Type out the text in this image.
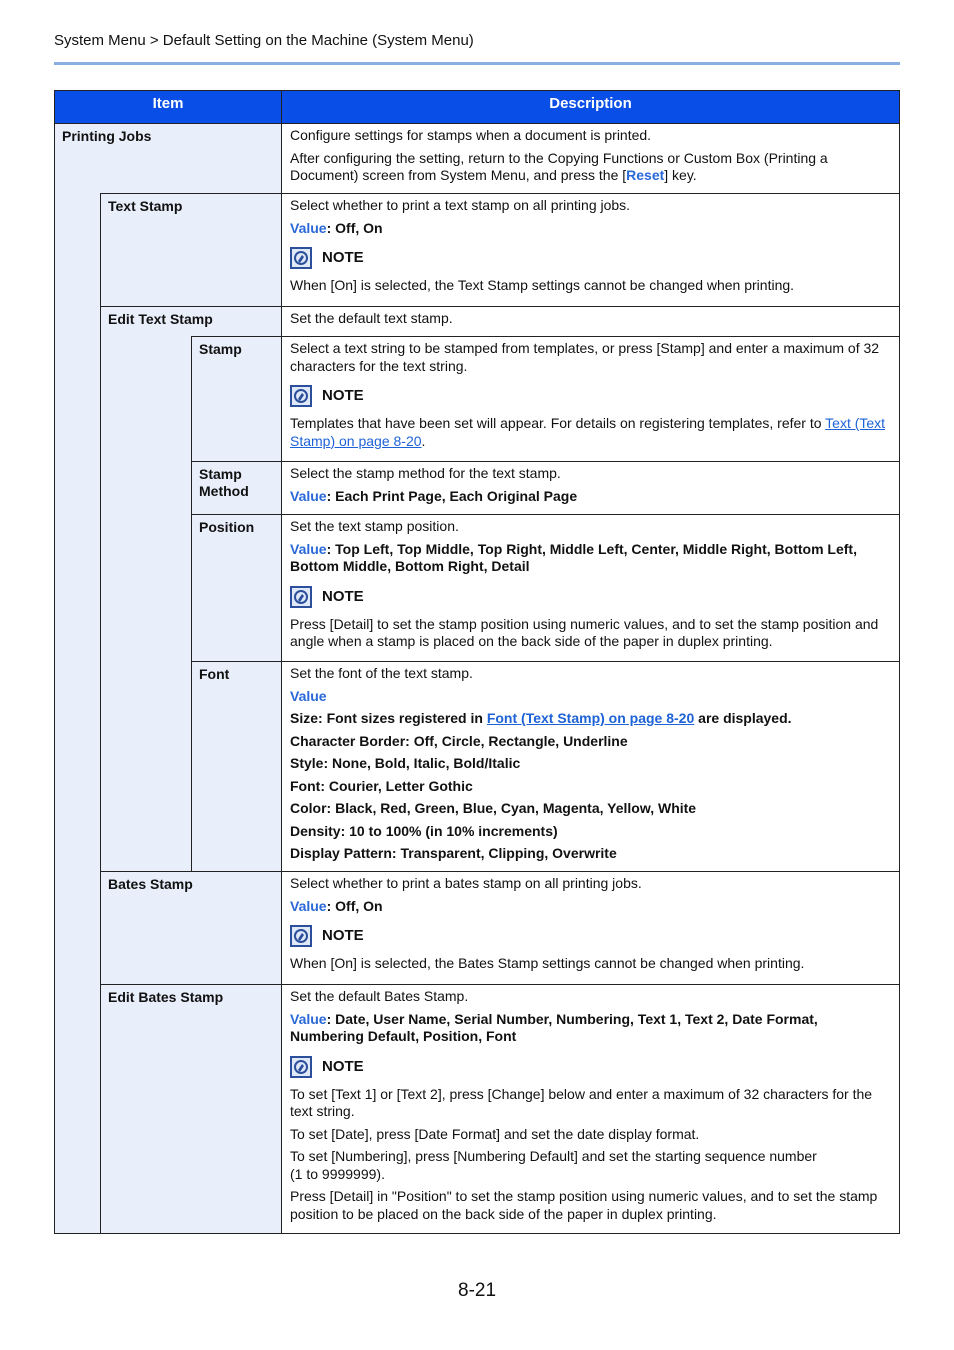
System Menu > Default Setting on the Machine (System Menu)
Item	Description
Printing Jobs
Text Stamp
Edit Text Stamp
Stamp
Stamp Method
Position
Font
Bates Stamp
Edit Bates Stamp

Configure settings for stamps when a document is printed.

After configuring the setting, return to the Copying Functions or Custom Box (Printing a Document) screen from System Menu, and press the [Reset] key.

Select whether to print a text stamp on all printing jobs.

Value: Off, On

NOTE

When [On] is selected, the Text Stamp settings cannot be changed when printing.

Set the default text stamp.

Select a text string to be stamped from templates, or press [Stamp] and enter a maximum of 32 characters for the text string.

NOTE

Templates that have been set will appear. For details on registering templates, refer to Text (Text Stamp) on page 8-20.

Select the stamp method for the text stamp.

Value: Each Print Page, Each Original Page

Set the text stamp position.

Value: Top Left, Top Middle, Top Right, Middle Left, Center, Middle Right, Bottom Left, Bottom Middle, Bottom Right, Detail

NOTE

Press [Detail] to set the stamp position using numeric values, and to set the stamp position and angle when a stamp is placed on the back side of the paper in duplex printing.

Set the font of the text stamp.

Value

Size: Font sizes registered in Font (Text Stamp) on page 8-20 are displayed.

Character Border: Off, Circle, Rectangle, Underline

Style: None, Bold, Italic, Bold/Italic

Font: Courier, Letter Gothic

Color: Black, Red, Green, Blue, Cyan, Magenta, Yellow, White

Density: 10 to 100% (in 10% increments)

Display Pattern: Transparent, Clipping, Overwrite

Select whether to print a bates stamp on all printing jobs.

Value: Off, On

NOTE

When [On] is selected, the Bates Stamp settings cannot be changed when printing.

Set the default Bates Stamp.

Value: Date, User Name, Serial Number, Numbering, Text 1, Text 2, Date Format, Numbering Default, Position, Font

NOTE

To set [Text 1] or [Text 2], press [Change] below and enter a maximum of 32 characters for the text string.

To set [Date], press [Date Format] and set the date display format.

To set [Numbering], press [Numbering Default] and set the starting sequence number
(1 to 9999999).

Press [Detail] in "Position" to set the stamp position using numeric values, and to set the stamp position to be placed on the back side of the paper in duplex printing.

8-21
